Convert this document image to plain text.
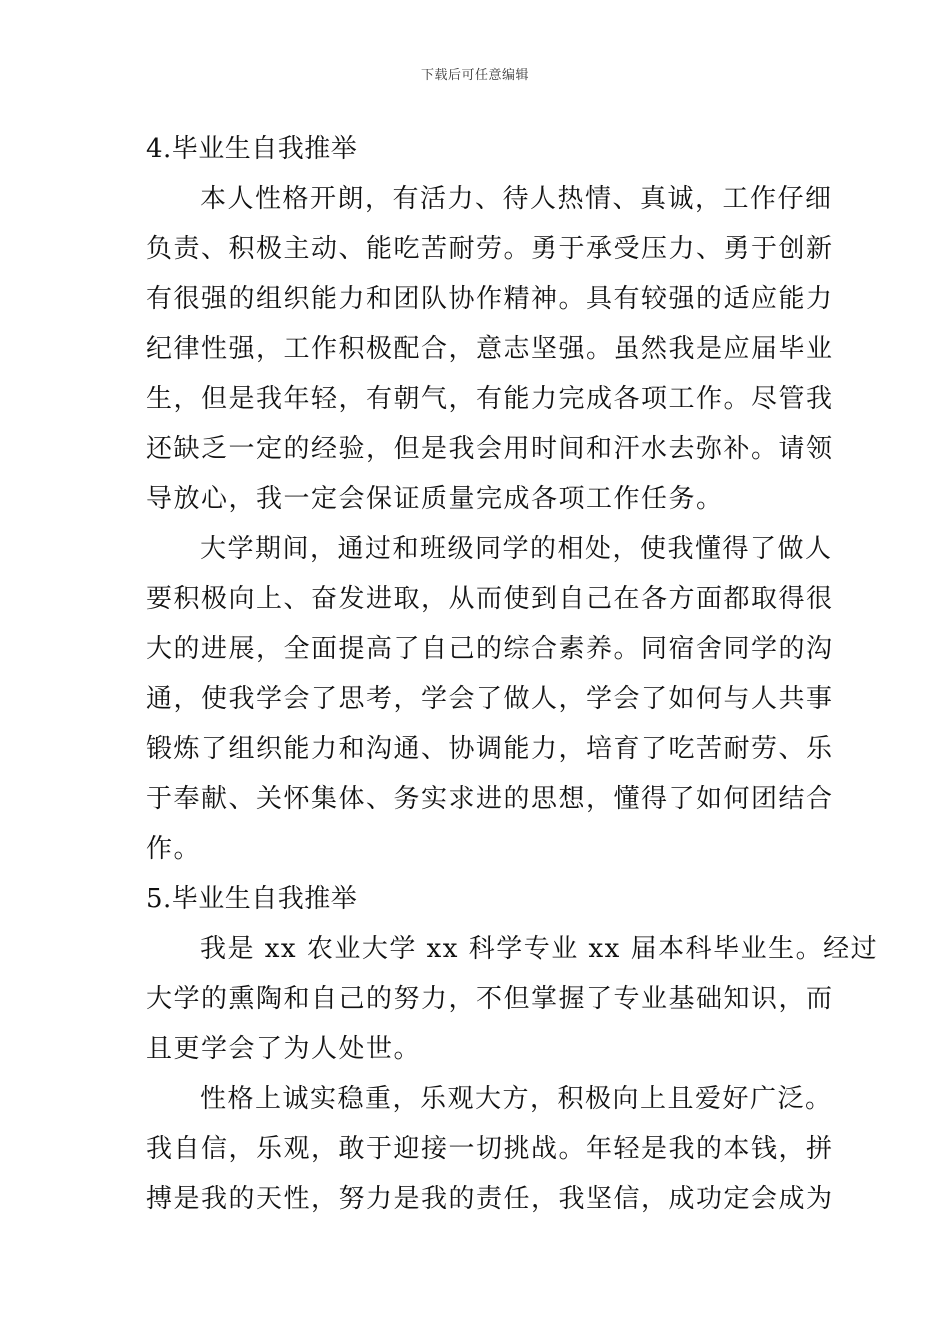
下载后可任意编辑
4.毕业生自我推举
本人性格开朗，有活力、待人热情、真诚，工作仔细
负责、积极主动、能吃苦耐劳。勇于承受压力、勇于创新
有很强的组织能力和团队协作精神。具有较强的适应能力
纪律性强，工作积极配合，意志坚强。虽然我是应届毕业
生，但是我年轻，有朝气，有能力完成各项工作。尽管我
还缺乏一定的经验，但是我会用时间和汗水去弥补。请领
导放心，我一定会保证质量完成各项工作任务。
大学期间，通过和班级同学的相处，使我懂得了做人
要积极向上、奋发进取，从而使到自己在各方面都取得很
大的进展，全面提高了自己的综合素养。同宿舍同学的沟
通，使我学会了思考，学会了做人，学会了如何与人共事
锻炼了组织能力和沟通、协调能力，培育了吃苦耐劳、乐
于奉献、关怀集体、务实求进的思想，懂得了如何团结合
作。
5.毕业生自我推举
我是 xx 农业大学 xx 科学专业 xx 届本科毕业生。经过
大学的熏陶和自己的努力，不但掌握了专业基础知识，而
且更学会了为人处世。
性格上诚实稳重，乐观大方，积极向上且爱好广泛。
我自信，乐观，敢于迎接一切挑战。年轻是我的本钱，拼
搏是我的天性，努力是我的责任，我坚信，成功定会成为
